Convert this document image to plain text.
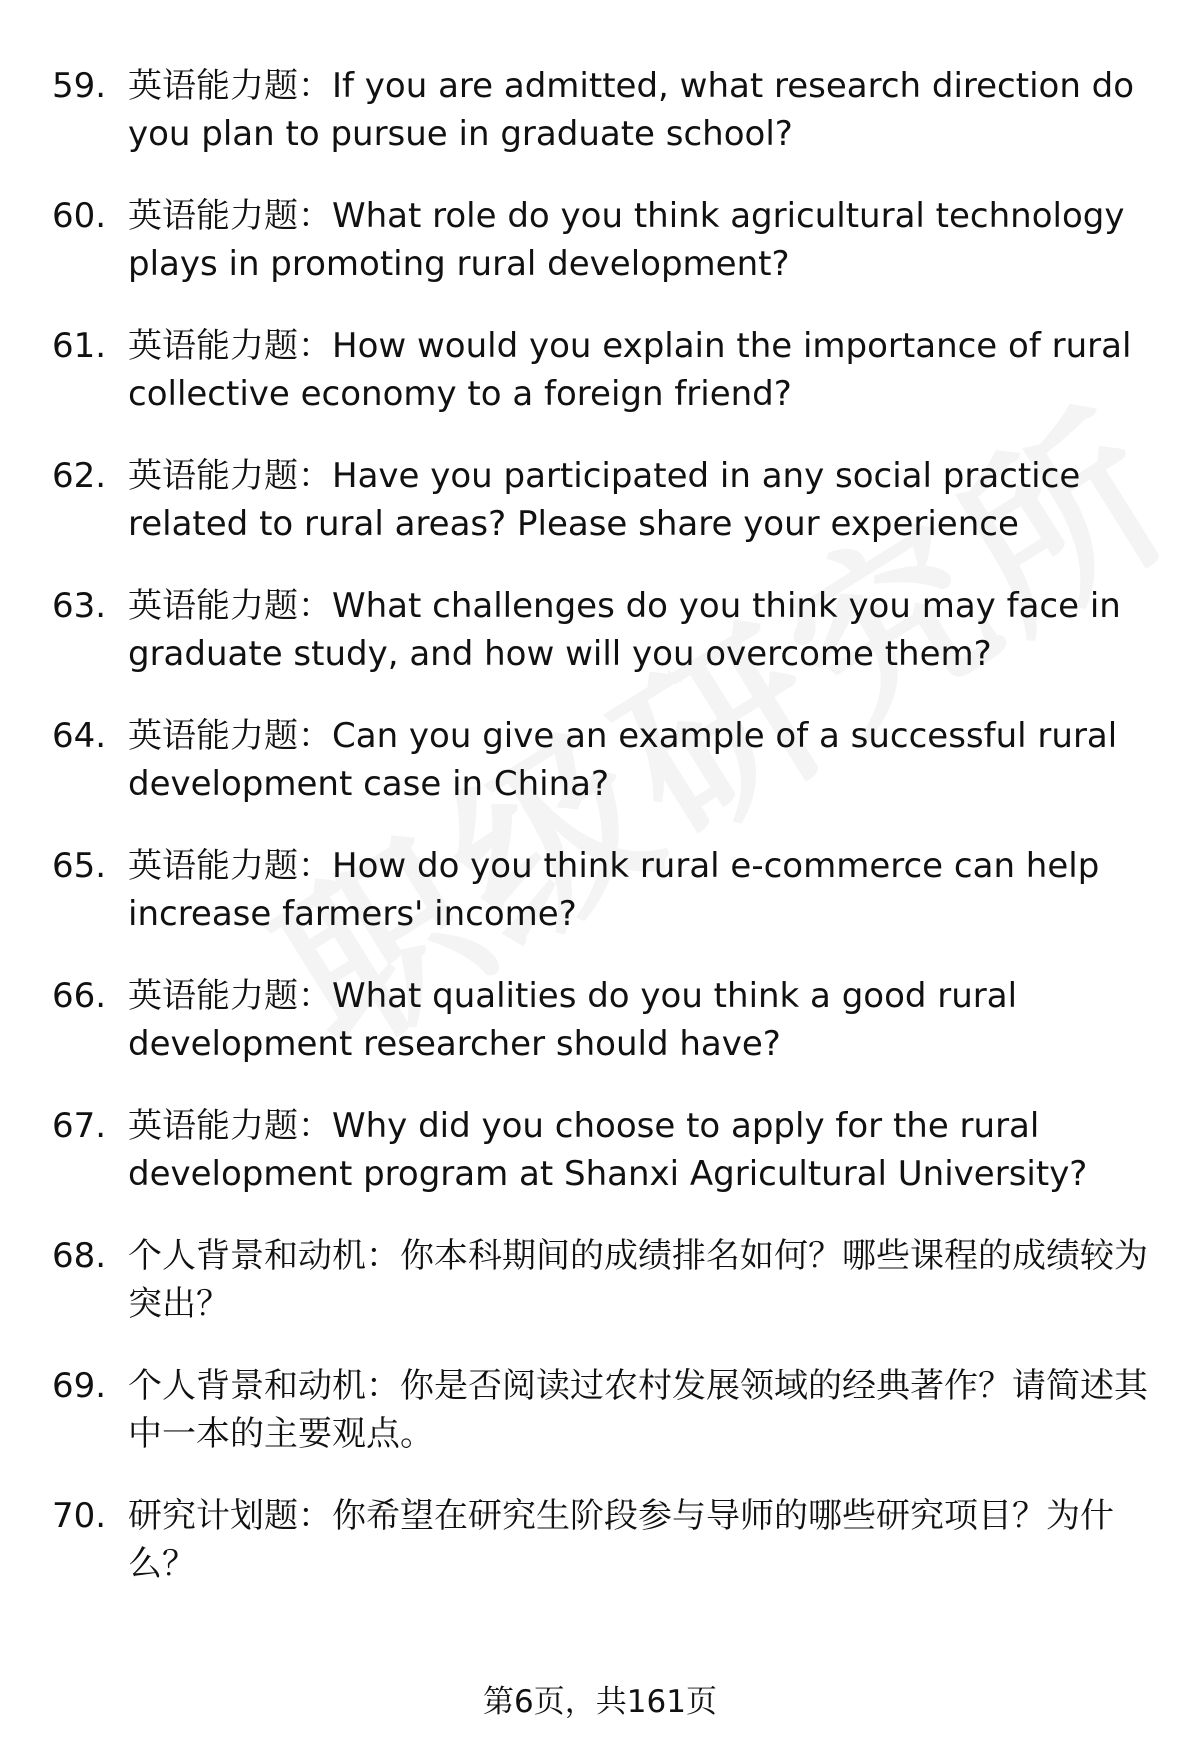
59. 英语能力题：If you are admitted, what research direction do you plan to pursue in graduate school?
60. 英语能力题：What role do you think agricultural technology plays in promoting rural development?
61. 英语能力题：How would you explain the importance of rural collective economy to a foreign friend?
62. 英语能力题：Have you participated in any social practice related to rural areas? Please share your experience
63. 英语能力题：What challenges do you think you may face in graduate study, and how will you overcome them?
64. 英语能力题：Can you give an example of a successful rural development case in China?
65. 英语能力题：How do you think rural e-commerce can help increase farmers' income?
66. 英语能力题：What qualities do you think a good rural development researcher should have?
67. 英语能力题：Why did you choose to apply for the rural development program at Shanxi Agricultural University?
68. 个人背景和动机：你本科期间的成绩排名如何？哪些课程的成绩较为突出？
69. 个人背景和动机：你是否阅读过农村发展领域的经典著作？请简述其中一本的主要观点。
70. 研究计划题：你希望在研究生阶段参与导师的哪些研究项目？为什么？
第6页，共161页
